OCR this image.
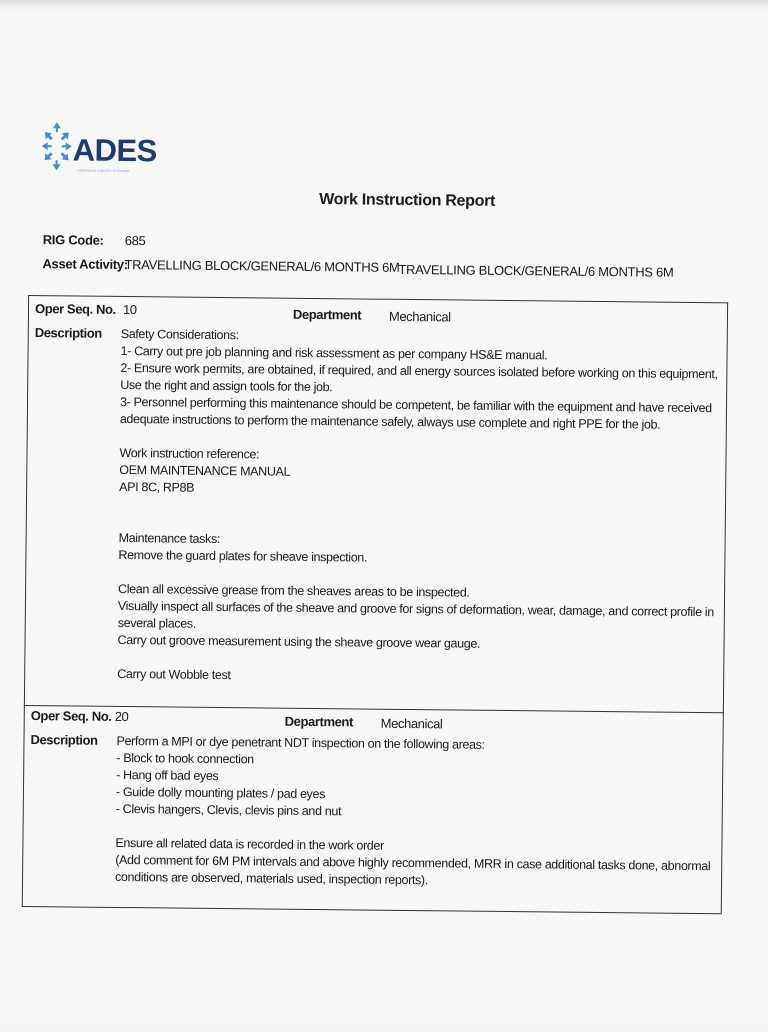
ADES
ADVANCED ENERGY SYSTEMS
Work Instruction Report
RIG Code: 685
Asset Activity:
TRAVELLING BLOCK/GENERAL/6 MONTHS 6M
TRAVELLING BLOCK/GENERAL/6 MONTHS 6M
Oper Seq. No. 10	Department Mechanical
Description Safety Considerations:

1- Carry out pre job planning and risk assessment as per company HS&E manual.

2- Ensure work permits, are obtained, if required, and all energy sources isolated before working on this equipment, Use the right and assign tools for the job.

3- Personnel performing this maintenance should be competent, be familiar with the equipment and have received adequate instructions to perform the maintenance safely, always use complete and right PPE for the job.

Work instruction reference:

OEM MAINTENANCE MANUAL

API 8C, RP8B

Maintenance tasks:

Remove the guard plates for sheave inspection.

Clean all excessive grease from the sheaves areas to be inspected.

Visually inspect all surfaces of the sheave and groove for signs of deformation, wear, damage, and correct profile in several places.

Carry out groove measurement using the sheave groove wear gauge.

Carry out Wobble test

Oper Seq. No. 20	Department Mechanical
Description Perform a MPI or dye penetrant NDT inspection on the following areas:

- Block to hook connection

- Hang off bad eyes

- Guide dolly mounting plates / pad eyes

- Clevis hangers, Clevis, clevis pins and nut

Ensure all related data is recorded in the work order

(Add comment for 6M PM intervals and above highly recommended, MRR in case additional tasks done, abnormal conditions are observed, materials used, inspection reports).
